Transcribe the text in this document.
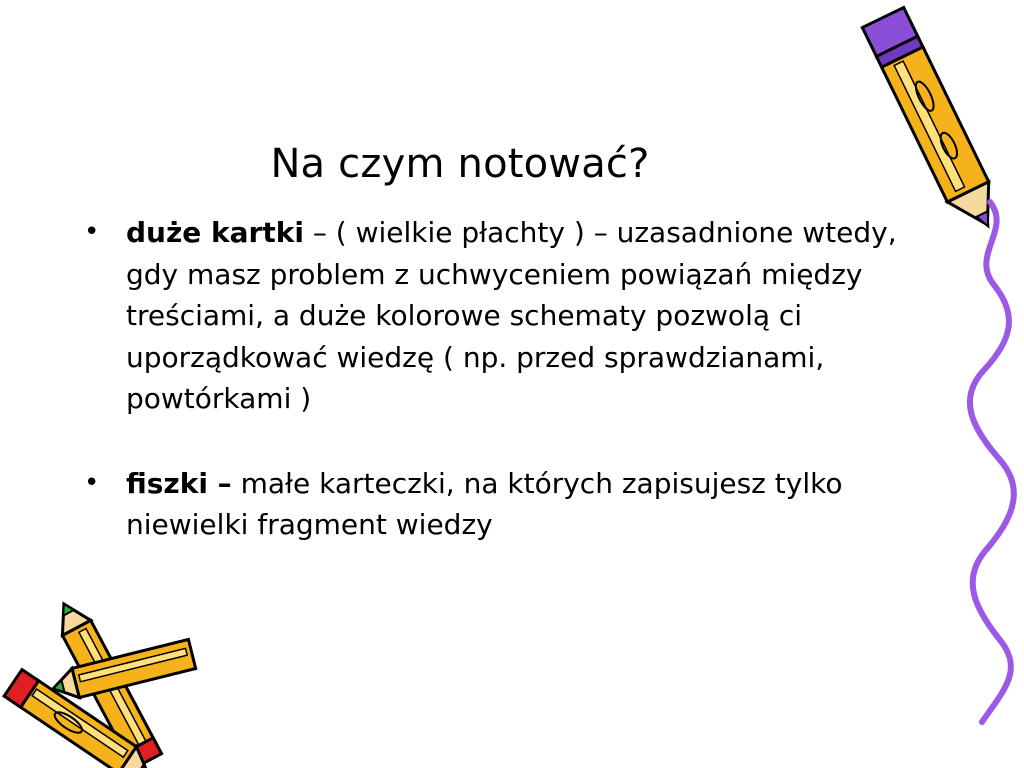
Na czym notować?
• duże kartki – ( wielkie płachty ) – uzasadnione wtedy, gdy masz problem z uchwyceniem powiązań między treściami, a duże kolorowe schematy pozwolą ci uporządkować wiedzę ( np. przed sprawdzianami, powtórkami )
• fiszki – małe karteczki, na których zapisujesz tylko niewielki fragment wiedzy
